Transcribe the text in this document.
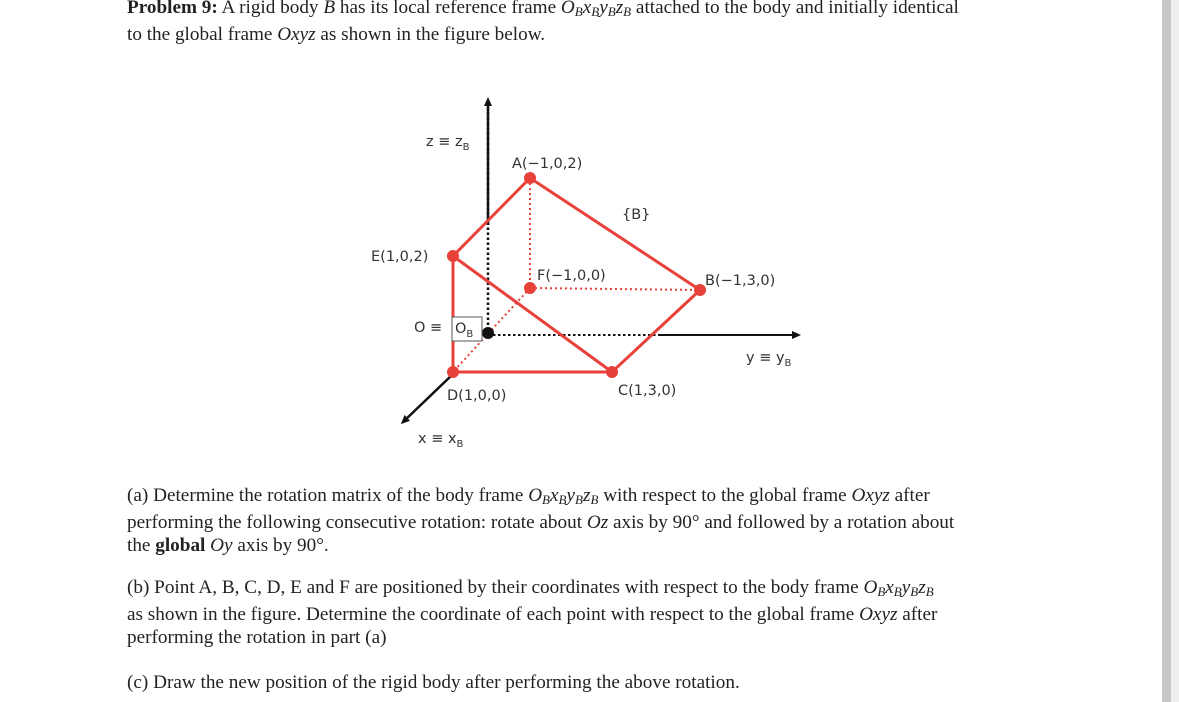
Problem 9: A rigid body B has its local reference frame $O_Bx_By_Bz_B$ attached to the body and initially identical
to the global frame Oxyz as shown in the figure below.

$z \equiv z_B$
$y \equiv y_B$
$x \equiv x_B$
$O \equiv O_B$
{B}
A(−1,0,2)
B(−1,3,0)
C(1,3,0)
D(1,0,0)
E(1,0,2)
F(−1,0,0)

(a) Determine the rotation matrix of the body frame $O_Bx_By_Bz_B$ with respect to the global frame Oxyz after
performing the following consecutive rotation: rotate about Oz axis by 90° and followed by a rotation about
the global Oy axis by 90°.

(b) Point A, B, C, D, E and F are positioned by their coordinates with respect to the body frame $O_Bx_By_Bz_B$
as shown in the figure. Determine the coordinate of each point with respect to the global frame Oxyz after
performing the rotation in part (a)

(c) Draw the new position of the rigid body after performing the above rotation.
